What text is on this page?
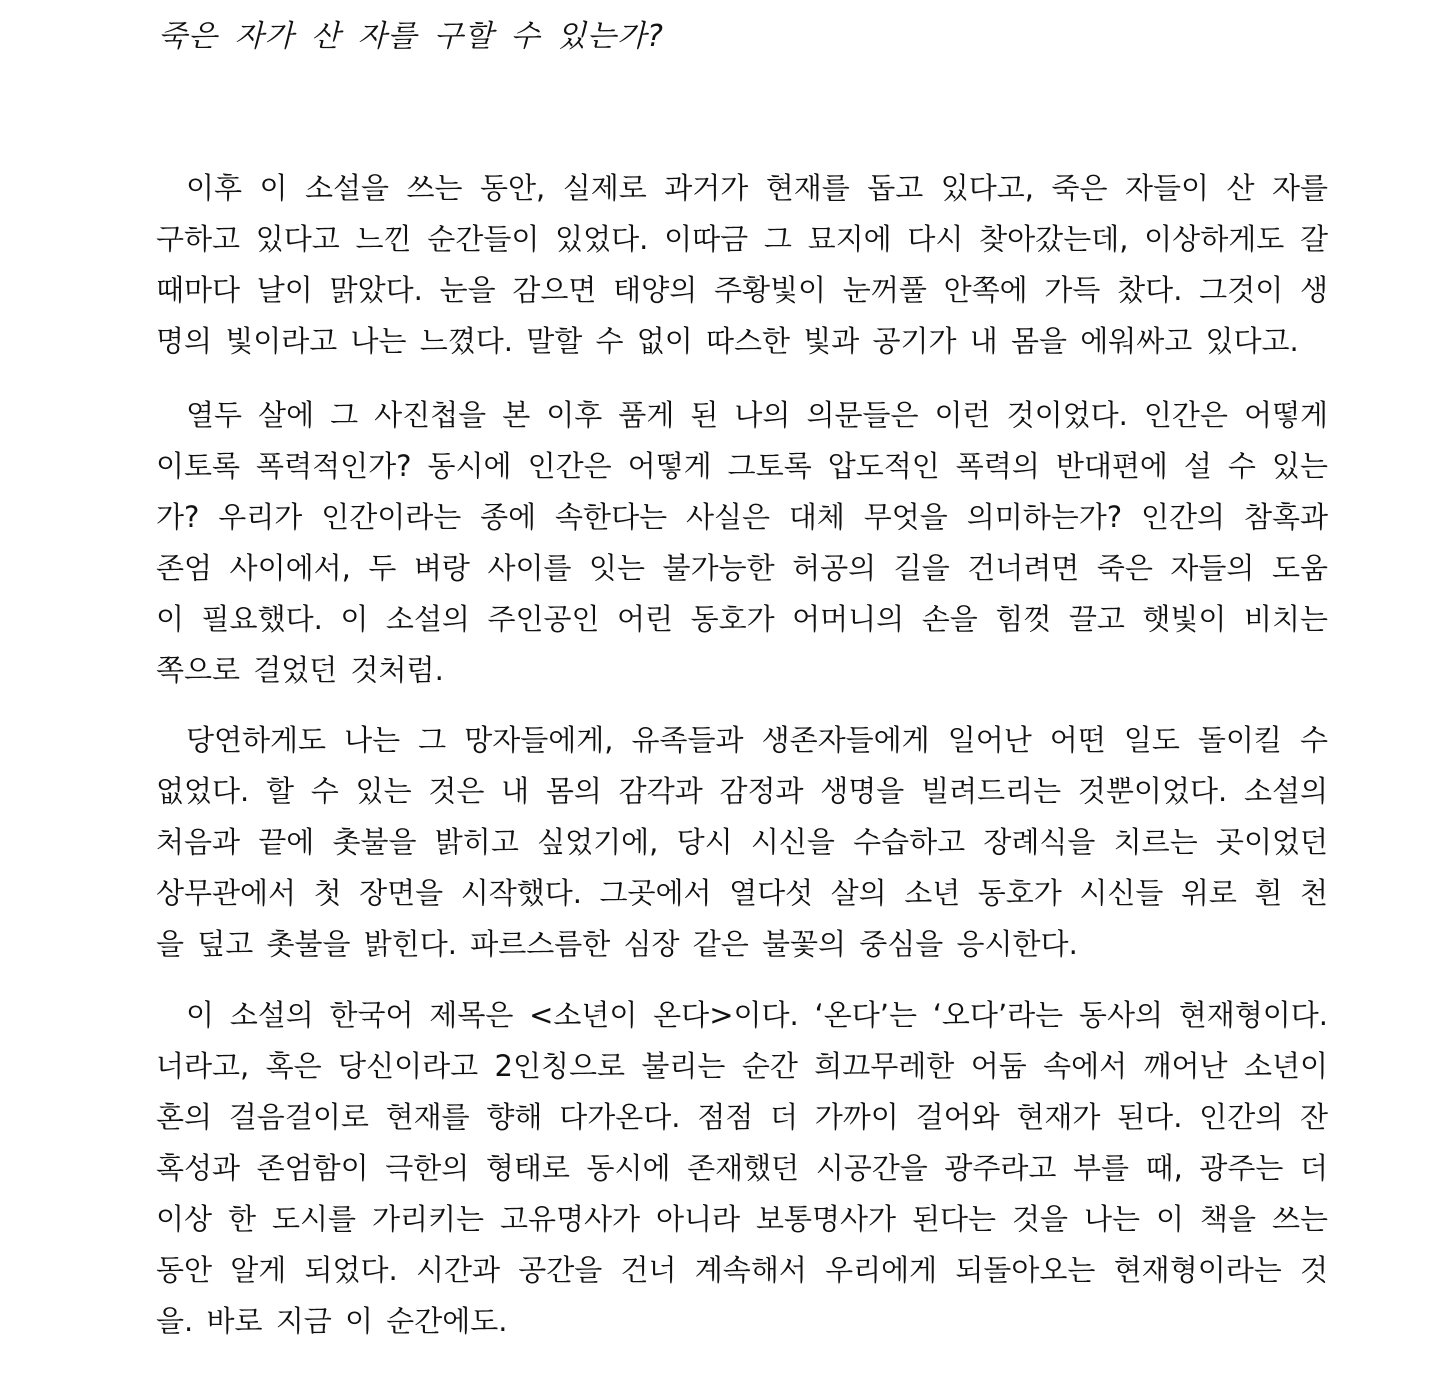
죽은 자가 산 자를 구할 수 있는가?

이후 이 소설을 쓰는 동안, 실제로 과거가 현재를 돕고 있다고, 죽은 자들이 산 자를
구하고 있다고 느낀 순간들이 있었다. 이따금 그 묘지에 다시 찾아갔는데, 이상하게도 갈
때마다 날이 맑았다. 눈을 감으면 태양의 주황빛이 눈꺼풀 안쪽에 가득 찼다. 그것이 생
명의 빛이라고 나는 느꼈다. 말할 수 없이 따스한 빛과 공기가 내 몸을 에워싸고 있다고.

열두 살에 그 사진첩을 본 이후 품게 된 나의 의문들은 이런 것이었다. 인간은 어떻게
이토록 폭력적인가? 동시에 인간은 어떻게 그토록 압도적인 폭력의 반대편에 설 수 있는
가? 우리가 인간이라는 종에 속한다는 사실은 대체 무엇을 의미하는가? 인간의 참혹과
존엄 사이에서, 두 벼랑 사이를 잇는 불가능한 허공의 길을 건너려면 죽은 자들의 도움
이 필요했다. 이 소설의 주인공인 어린 동호가 어머니의 손을 힘껏 끌고 햇빛이 비치는
쪽으로 걸었던 것처럼.

당연하게도 나는 그 망자들에게, 유족들과 생존자들에게 일어난 어떤 일도 돌이킬 수
없었다. 할 수 있는 것은 내 몸의 감각과 감정과 생명을 빌려드리는 것뿐이었다. 소설의
처음과 끝에 촛불을 밝히고 싶었기에, 당시 시신을 수습하고 장례식을 치르는 곳이었던
상무관에서 첫 장면을 시작했다. 그곳에서 열다섯 살의 소년 동호가 시신들 위로 흰 천
을 덮고 촛불을 밝힌다. 파르스름한 심장 같은 불꽃의 중심을 응시한다.

이 소설의 한국어 제목은 <소년이 온다>이다. ‘온다’는 ‘오다’라는 동사의 현재형이다.
너라고, 혹은 당신이라고 2인칭으로 불리는 순간 희끄무레한 어둠 속에서 깨어난 소년이
혼의 걸음걸이로 현재를 향해 다가온다. 점점 더 가까이 걸어와 현재가 된다. 인간의 잔
혹성과 존엄함이 극한의 형태로 동시에 존재했던 시공간을 광주라고 부를 때, 광주는 더
이상 한 도시를 가리키는 고유명사가 아니라 보통명사가 된다는 것을 나는 이 책을 쓰는
동안 알게 되었다. 시간과 공간을 건너 계속해서 우리에게 되돌아오는 현재형이라는 것
을. 바로 지금 이 순간에도.
